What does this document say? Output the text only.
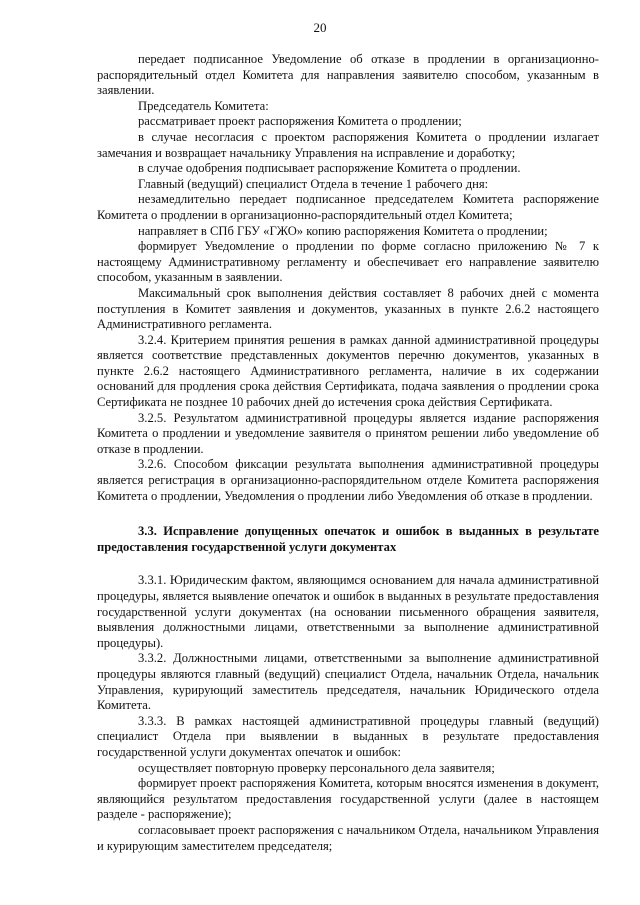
20

передает подписанное Уведомление об отказе в продлении в организационно-распорядительный отдел Комитета для направления заявителю способом, указанным в заявлении.

Председатель Комитета:

рассматривает проект распоряжения Комитета о продлении;

в случае несогласия с проектом распоряжения Комитета о продлении излагает замечания и возвращает начальнику Управления на исправление и доработку;

в случае одобрения подписывает распоряжение Комитета о продлении.

Главный (ведущий) специалист Отдела в течение 1 рабочего дня:

незамедлительно передает подписанное председателем Комитета распоряжение Комитета о продлении в организационно-распорядительный отдел Комитета;

направляет в СПб ГБУ «ГЖО» копию распоряжения Комитета о продлении;

формирует Уведомление о продлении по форме согласно приложению № 7 к настоящему Административному регламенту и обеспечивает его направление заявителю способом, указанным в заявлении.

Максимальный срок выполнения действия составляет 8 рабочих дней с момента поступления в Комитет заявления и документов, указанных в пункте 2.6.2 настоящего Административного регламента.

3.2.4. Критерием принятия решения в рамках данной административной процедуры является соответствие представленных документов перечню документов, указанных в пункте 2.6.2 настоящего Административного регламента, наличие в их содержании оснований для продления срока действия Сертификата, подача заявления о продлении срока Сертификата не позднее 10 рабочих дней до истечения срока действия Сертификата.

3.2.5. Результатом административной процедуры является издание распоряжения Комитета о продлении и уведомление заявителя о принятом решении либо уведомление об отказе в продлении.

3.2.6. Способом фиксации результата выполнения административной процедуры является регистрация в организационно-распорядительном отделе Комитета распоряжения Комитета о продлении, Уведомления о продлении либо Уведомления об отказе в продлении.

3.3. Исправление допущенных опечаток и ошибок в выданных в результате предоставления государственной услуги документах

3.3.1. Юридическим фактом, являющимся основанием для начала административной процедуры, является выявление опечаток и ошибок в выданных в результате предоставления государственной услуги документах (на основании письменного обращения заявителя, выявления должностными лицами, ответственными за выполнение административной процедуры).

3.3.2. Должностными лицами, ответственными за выполнение административной процедуры являются главный (ведущий) специалист Отдела, начальник Отдела, начальник Управления, курирующий заместитель председателя, начальник Юридического отдела Комитета.

3.3.3. В рамках настоящей административной процедуры главный (ведущий) специалист Отдела при выявлении в выданных в результате предоставления государственной услуги документах опечаток и ошибок:

осуществляет повторную проверку персонального дела заявителя;

формирует проект распоряжения Комитета, которым вносятся изменения в документ, являющийся результатом предоставления государственной услуги (далее в настоящем разделе - распоряжение);

согласовывает проект распоряжения с начальником Отдела, начальником Управления и курирующим заместителем председателя;
